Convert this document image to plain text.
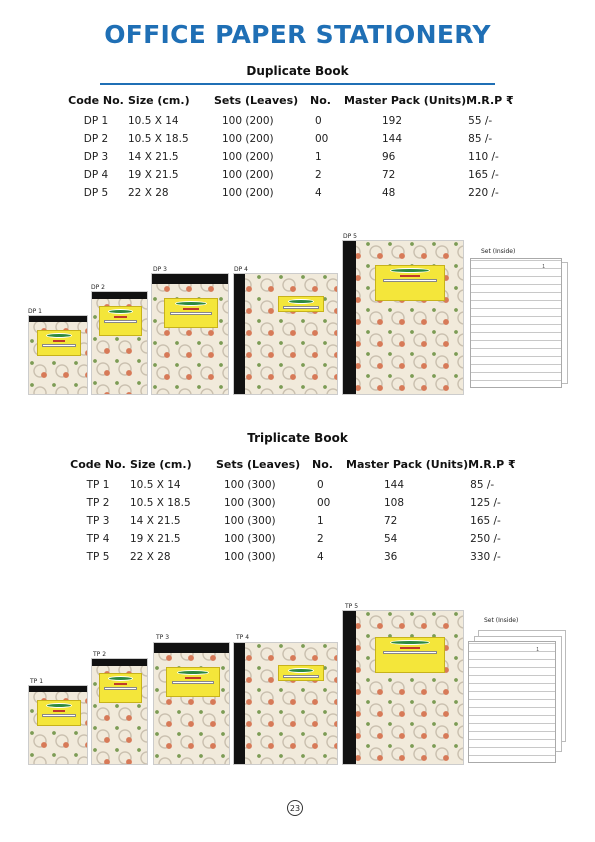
OFFICE PAPER STATIONERY
Duplicate Book
Code No.	Size (cm.)	Sets (Leaves)	No.	Master Pack (Units)	M.R.P ₹
DP 1	10.5 X 14	100 (200)	0	192	55 /-
DP 2	10.5 X 18.5	100 (200)	00	144	85 /-
DP 3	14 X 21.5	100 (200)	1	96	110 /-
DP 4	19 X 21.5	100 (200)	2	72	165 /-
DP 5	22 X 28	100 (200)	4	48	220 /-
DP 1
DP 2
DP 3	DP 4
DP 5
Set (Inside)
1
Triplicate Book
Code No.	Size (cm.)	Sets (Leaves)	No.	Master Pack (Units)	M.R.P ₹
TP 1	10.5 X 14	100 (300)	0	144	85 /-
TP 2	10.5 X 18.5	100 (300)	00	108	125 /-
TP 3	14 X 21.5	100 (300)	1	72	165 /-
TP 4	19 X 21.5	100 (300)	2	54	250 /-
TP 5	22 X 28	100 (300)	4	36	330 /-
TP 1
TP 2
TP 3	TP 4
TP 5
Set (Inside)
1
23
